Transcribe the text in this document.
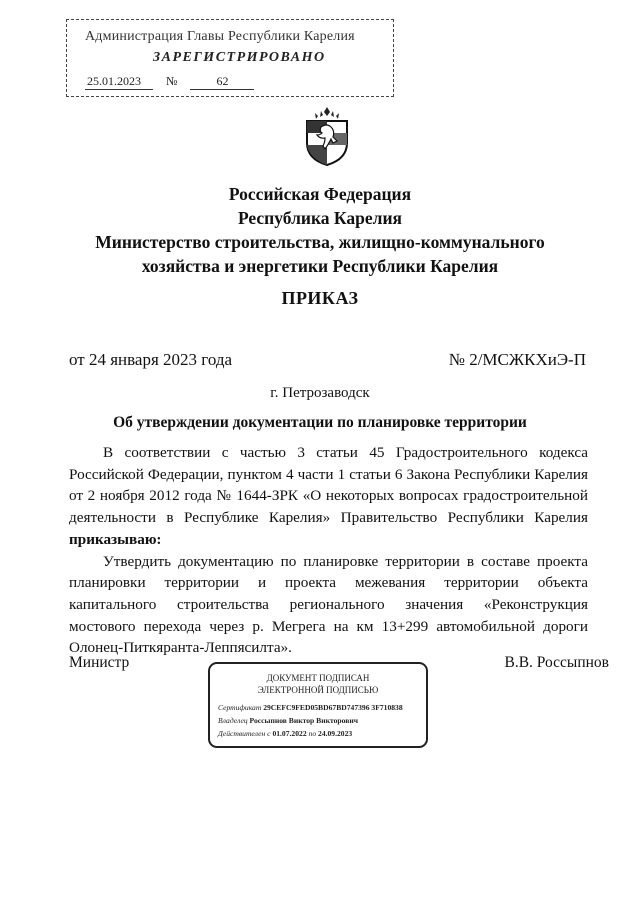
Администрация Главы Республики Карелия
ЗАРЕГИСТРИРОВАНО
25.01.2023 №	62
Российская Федерация
Республика Карелия
Министерство строительства, жилищно-коммунального
хозяйства и энергетики Республики Карелия
ПРИКАЗ
от 24 января 2023 года	№ 2/МСЖКХиЭ-П
г. Петрозаводск
Об утверждении документации по планировке территории

В соответствии с частью 3 статьи 45 Градостроительного кодекса Российской Федерации, пунктом 4 части 1 статьи 6 Закона Республики Карелия от 2 ноября 2012 года № 1644-ЗРК «О некоторых вопросах градостроительной деятельности в Республике Карелия» Правительство Республики Карелия приказываю:

Утвердить документацию по планировке территории в составе проекта планировки территории и проекта межевания территории объекта капитального строительства регионального значения «Реконструкция мостового перехода через р. Мегрега на км 13+299 автомобильной дороги Олонец-Питкяранта-Леппясилта».

Министр	В.В. Россыпнов
ДОКУМЕНТ ПОДПИСАН
ЭЛЕКТРОННОЙ ПОДПИСЬЮ
Сертификат 29CEFC9FED05BD67BD747396 3F710838
Владелец Россыпнов Виктор Викторович
Действителен с 01.07.2022 по 24.09.2023
